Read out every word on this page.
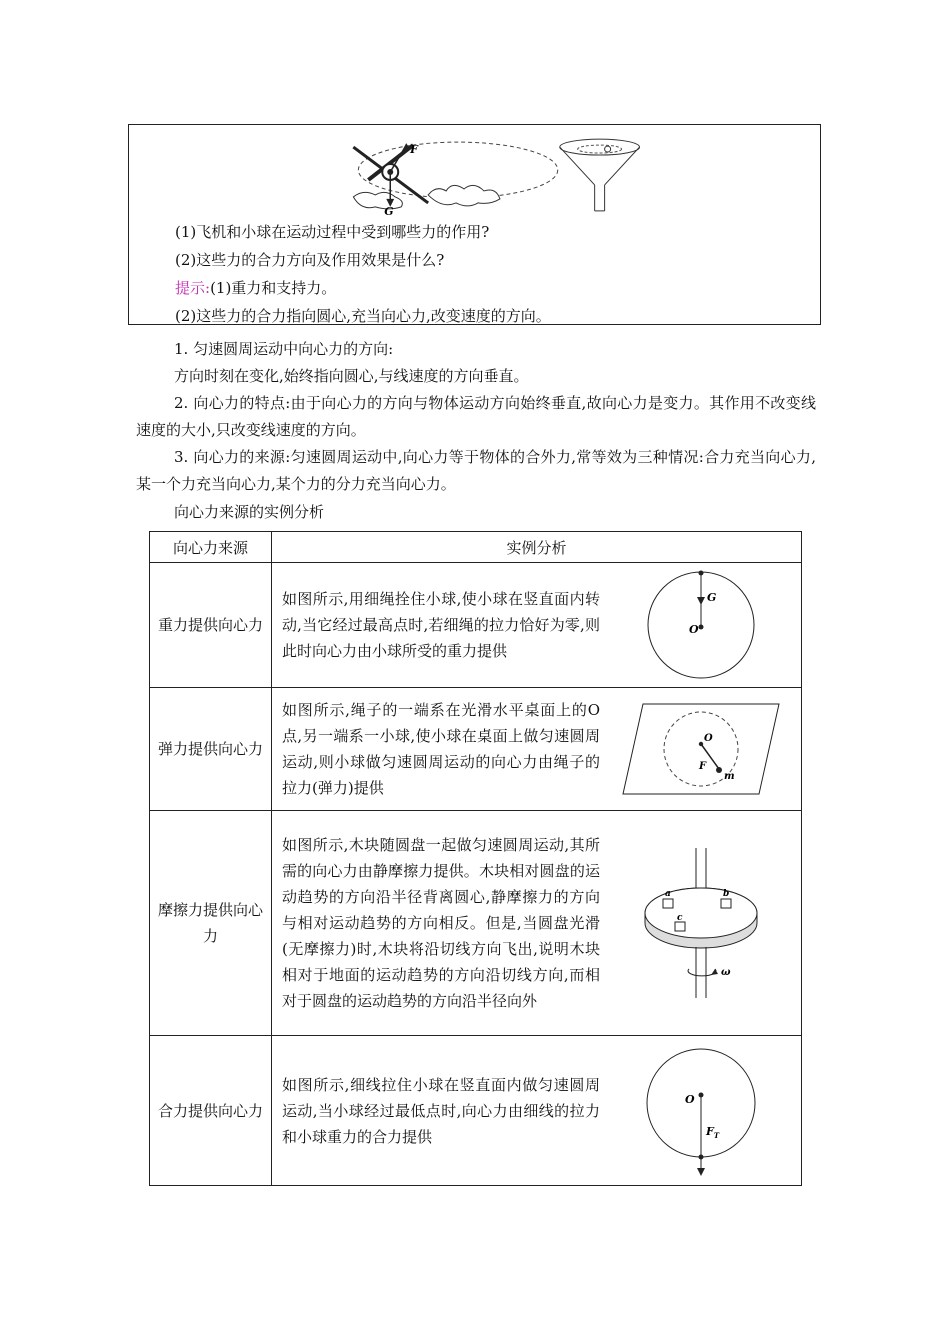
F
G
(1)飞机和小球在运动过程中受到哪些力的作用?
(2)这些力的合力方向及作用效果是什么?
提示:(1)重力和支持力。
(2)这些力的合力指向圆心,充当向心力,改变速度的方向。
1. 匀速圆周运动中向心力的方向:
方向时刻在变化,始终指向圆心,与线速度的方向垂直。
2. 向心力的特点:由于向心力的方向与物体运动方向始终垂直,故向心力是变力。其作用不改变线速度的大小,只改变线速度的方向。
3. 向心力的来源:匀速圆周运动中,向心力等于物体的合外力,常等效为三种情况:合力充当向心力,某一个力充当向心力,某个力的分力充当向心力。
向心力来源的实例分析
向心力来源	实例分析
重力提供向心力	如图所示,用细绳拴住小球,使小球在竖直面内转动,当它经过最高点时,若细绳的拉力恰好为零,则此时向心力由小球所受的重力提供
G
O

弹力提供向心力	如图所示,绳子的一端系在光滑水平桌面上的O点,另一端系一小球,使小球在桌面上做匀速圆周运动,则小球做匀速圆周运动的向心力由绳子的拉力(弹力)提供
O
F
m

摩擦力提供向心力	如图所示,木块随圆盘一起做匀速圆周运动,其所需的向心力由静摩擦力提供。木块相对圆盘的运动趋势的方向沿半径背离圆心,静摩擦力的方向与相对运动趋势的方向相反。但是,当圆盘光滑(无摩擦力)时,木块将沿切线方向飞出,说明木块相对于地面的运动趋势的方向沿切线方向,而相对于圆盘的运动趋势的方向沿半径向外
a b
c
ω

合力提供向心力	如图所示,细线拉住小球在竖直面内做匀速圆周运动,当小球经过最低点时,向心力由细线的拉力和小球重力的合力提供
O
$F_T$
